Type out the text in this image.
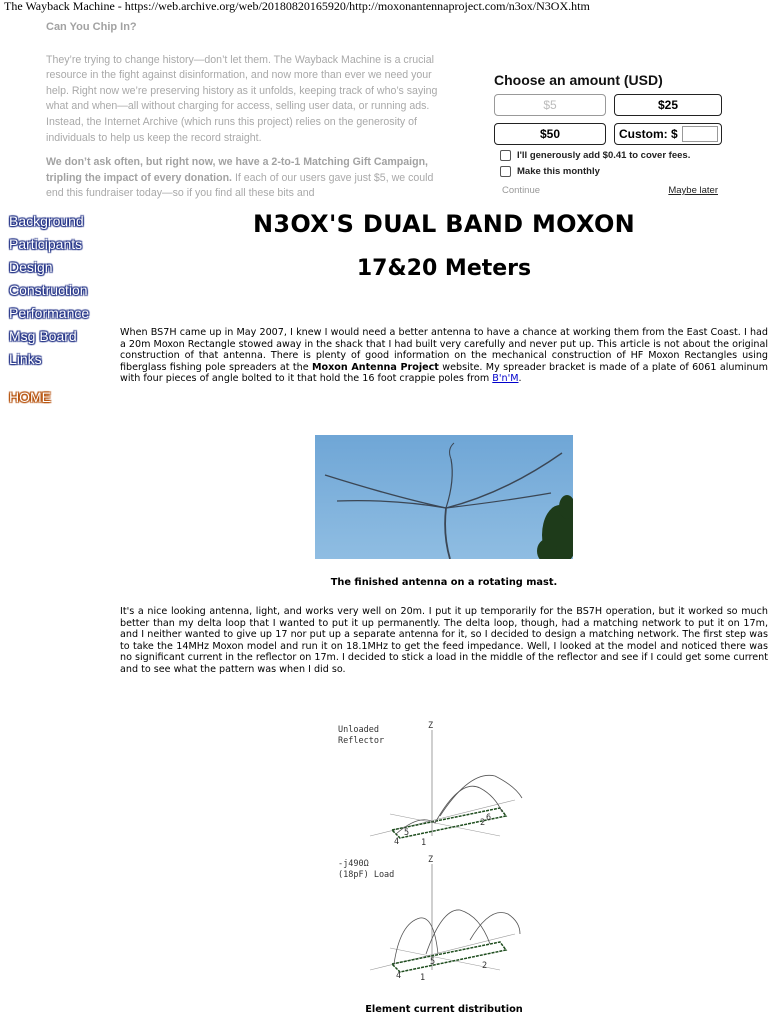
The Wayback Machine - https://web.archive.org/web/20180820165920/http://moxonantennaproject.com/n3ox/N3OX.htm
Can You Chip In?

They’re trying to change history—don’t let them. The Wayback Machine is a crucial resource in the fight against disinformation, and now more than ever we need your help. Right now we’re preserving history as it unfolds, keeping track of who’s saying what and when—all without charging for access, selling user data, or running ads. Instead, the Internet Archive (which runs this project) relies on the generosity of individuals to help us keep the record straight.

We don’t ask often, but right now, we have a 2-to-1 Matching Gift Campaign, tripling the impact of every donation. If each of our users gave just $5, we could end this fundraiser today—so if you find all these bits and

Choose an amount (USD)
$5	$25
$50	Custom: $
I'll generously add $0.41 to cover fees.
Make this monthly
Continue	Maybe later
Background
Participants
Design
Construction
Performance
Msg Board
Links
HOME
N3OX'S DUAL BAND MOXON
17&20 Meters
When BS7H came up in May 2007, I knew I would need a better antenna to have a chance at working them from the East Coast. I had a 20m Moxon Rectangle stowed away in the shack that I had built very carefully and never put up. This article is not about the original construction of that antenna. There is plenty of good information on the mechanical construction of HF Moxon Rectangles using fiberglass fishing pole spreaders at the Moxon Antenna Project website. My spreader bracket is made of a plate of 6061 aluminum with four pieces of angle bolted to it that hold the 16 foot crappie poles from B'n'M.
The finished antenna on a rotating mast.
It's a nice looking antenna, light, and works very well on 20m. I put it up temporarily for the BS7H operation, but it worked so much better than my delta loop that I wanted to put it up permanently. The delta loop, though, had a matching network to put it on 17m, and I neither wanted to give up 17 nor put up a separate antenna for it, so I decided to design a matching network. The first step was to take the 14MHz Moxon model and run it on 18.1MHz to get the feed impedance. Well, I looked at the model and noticed there was no significant current in the reflector on 17m. I decided to stick a load in the middle of the reflector and see if I could get some current and to see what the pattern was when I did so.
Unloaded
Reflector
Z
5
2 6
4	1
-j490Ω
(18pF) Load
Z
5	2
4 1
Element current distribution
